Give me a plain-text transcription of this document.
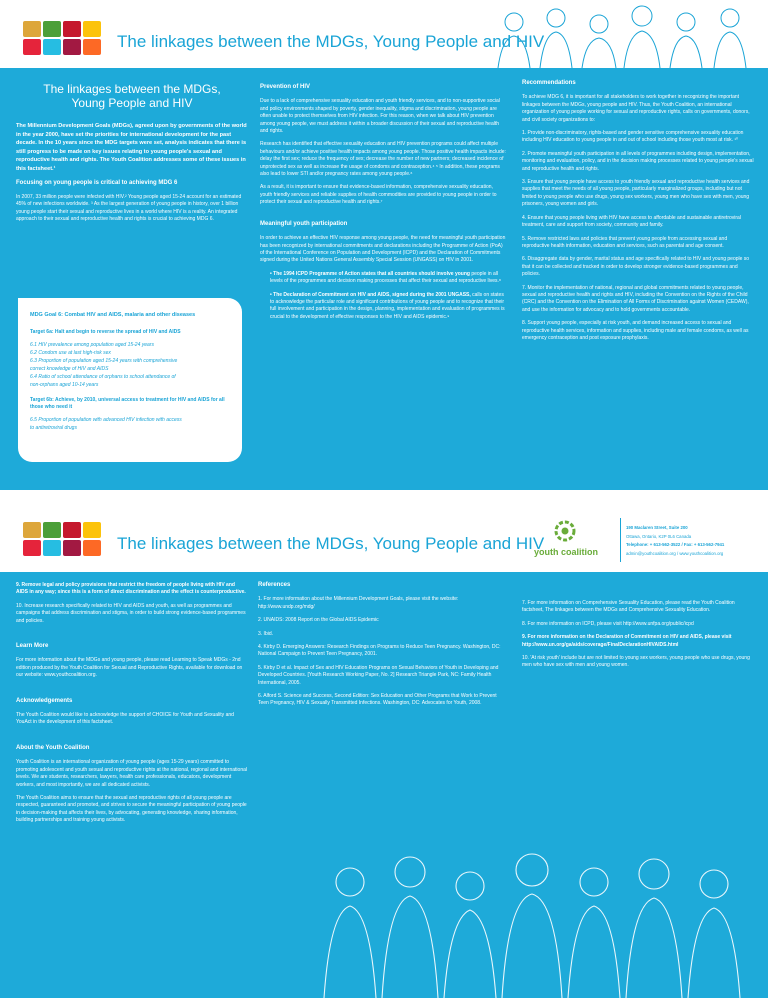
The linkages between the MDGs, Young People and HIV
The linkages between the MDGs,
Young People and HIV

The Millennium Development Goals (MDGs), agreed upon by governments of the world in the year 2000, have set the priorities for international development for the past decade. In the 10 years since the MDG targets were set, analysis indicates that there is still progress to be made on key issues relating to young people's sexual and reproductive health and rights. The Youth Coalition addresses some of these issues in this factsheet.¹

Focusing on young people is critical to achieving MDG 6

In 2007, 33 million people were infected with HIV.² Young people aged 15-24 account for an estimated 45% of new infections worldwide. ³ As the largest generation of young people in history, over 1 billion young people start their sexual and reproductive lives in a world where HIV is a reality. An integrated approach to their sexual and reproductive health and rights is crucial to achieving MDG 6.

MDG Goal 6: Combat HIV and AIDS, malaria and other diseases
Target 6a: Halt and begin to reverse the spread of HIV and AIDS
6.1 HIV prevalence among population aged 15-24 years
6.2 Condom use at last high-risk sex
6.3 Proportion of population aged 15-24 years with comprehensive
correct knowledge of HIV and AIDS
6.4 Ratio of school attendance of orphans to school attendance of
non-orphans aged 10-14 years
Target 6b: Achieve, by 2010, universal access to treatment for HIV and AIDS for all those who need it
6.5 Proportion of population with advanced HIV infection with access
to antiretroviral drugs
Prevention of HIV

Due to a lack of comprehensive sexuality education and youth friendly services, and to non-supportive social and policy environments shaped by poverty, gender inequality, stigma and discrimination, young people are often unable to protect themselves from HIV infection. For this reason, when we talk about HIV prevention among young people, we must address it within a broader discussion of their sexual and reproductive health and rights.

Research has identified that effective sexuality education and HIV prevention programs could affect multiple behaviours and/or achieve positive health impacts among young people. Those positive health impacts include: delay the first sex; reduce the frequency of sex; decrease the number of new partners; decreased incidence of unprotected sex as well as increase the usage of condoms and contraception.⁴ ⁵ In addition, these programs also lead to lower STI and/or pregnancy rates among young people.⁶

As a result, it is important to ensure that evidence-based information, comprehensive sexuality education, youth friendly services and reliable supplies of health commodities are provided to young people in order to protect their sexual and reproductive health and rights.⁷

Meaningful youth participation

In order to achieve an effective HIV response among young people, the need for meaningful youth participation has been recognized by international commitments and declarations including the Programme of Action (PoA) of the International Conference on Population and Development (ICPD) and the Declaration of Commitments signed during the United Nations General Assembly Special Session (UNGASS) on HIV in 2001.

• The 1994 ICPD Programme of Action states that all countries should involve young people in all levels of the programmes and decision making processes that affect their sexual and reproductive lives.⁸

• The Declaration of Commitment on HIV and AIDS, signed during the 2001 UNGASS, calls on states to acknowledge the particular role and significant contributions of young people and to recognize that their full involvement and participation in the design, planning, implementation and evaluation of programmes is crucial to the development of effective responses to the HIV and AIDS epidemic.⁹

Recommendations

To achieve MDG 6, it is important for all stakeholders to work together in recognizing the important linkages between the MDGs, young people and HIV. Thus, the Youth Coalition, an international organization of young people working for sexual and reproductive rights, calls on governments, donors, and civil society organizations to:

1. Provide non-discriminatory, rights-based and gender sensitive comprehensive sexuality education including HIV education to young people in and out of school including those youth most at risk. ¹⁰

2. Promote meaningful youth participation in all levels of programmes including design, implementation, monitoring and evaluation, policy, and in the decision making processes related to young people's sexual and reproductive health and rights.

3. Ensure that young people have access to youth friendly sexual and reproductive health services and supplies that meet the needs of all young people, particularly marginalized groups, including but not limited to young people who use drugs, young sex workers, young men who have sex with men, young prisoners, young women and girls.

4. Ensure that young people living with HIV have access to affordable and sustainable antiretroviral treatment, care and support from society, community and family.

5. Remove restricted laws and policies that prevent young people from accessing sexual and reproductive health information, education and services, such as parental and age consent.

6. Disaggregate data by gender, marital status and age specifically related to HIV and young people so that it can be collected and tracked in order to develop stronger evidence-based programmes and policies.

7. Monitor the implementation of national, regional and global commitments related to young people, sexual and reproductive health and rights and HIV, including the Convention on the Rights of the Child (CRC) and the Convention on the Elimination of All Forms of Discrimination against Women (CEDAW), and use the information for advocacy and to hold governments accountable.

8. Support young people, especially at risk youth, and demand increased access to sexual and reproductive health services, information and supplies, including male and female condoms, as well as emergency contraception and post exposure prophylaxis.

The linkages between the MDGs, Young People and HIV
youth coalition
190 Maclaren Street, Suite 200
Ottawa, Ontario, K2P 0L6 Canada
Telephone: + 613-562-3522 / Fax: + 613-562-7941
admin@youthcoalition.org / www.youthcoalition.org

9. Remove legal and policy provisions that restrict the freedom of people living with HIV and AIDS in any way; since this is a form of direct discrimination and the effect is counterproductive.

10. Increase research specifically related to HIV and AIDS and youth, as well as programmes and campaigns that address discrimination and stigma, in order to build strong evidence-based programmes and policies.

Learn More

For more information about the MDGs and young people, please read Learning to Speak MDGs - 2nd edition produced by the Youth Coalition for Sexual and Reproductive Rights, available for download on our website: www.youthcoalition.org.

Acknowledgements

The Youth Coalition would like to acknowledge the support of CHOICE for Youth and Sexuality and YouAct in the development of this factsheet.

About the Youth Coalition

Youth Coalition is an international organization of young people (ages 15-29 years) committed to promoting adolescent and youth sexual and reproductive rights at the national, regional and international levels. We are students, researchers, lawyers, health care professionals, educators, development workers, and most importantly, we are all dedicated activists.

The Youth Coalition aims to ensure that the sexual and reproductive rights of all young people are respected, guaranteed and promoted, and strives to secure the meaningful participation of young people in decision-making that affects their lives, by advocating, generating knowledge, sharing information, building partnerships and training young activists.

References

1. For more information about the Millennium Development Goals, please visit the website: http://www.undp.org/mdg/

2. UNAIDS: 2008 Report on the Global AIDS Epidemic

3. Ibid.

4. Kirby D. Emerging Answers: Research Findings on Programs to Reduce Teen Pregnancy. Washington, DC: National Campaign to Prevent Teen Pregnancy, 2001.

5. Kirby D et al. Impact of Sex and HIV Education Programs on Sexual Behaviors of Youth in Developing and Developed Countries. [Youth Research Working Paper, No. 2] Research Triangle Park, NC: Family Health International, 2005.

6. Alford S. Science and Success, Second Edition: Sex Education and Other Programs that Work to Prevent Teen Pregnancy, HIV & Sexually Transmitted Infections. Washington, DC: Advocates for Youth, 2008.

7. For more information on Comprehensive Sexuality Education, please read the Youth Coalition factsheet, The linkages between the MDGs and Comprehensive Sexuality Education.

8. For more information on ICPD, please visit http://www.unfpa.org/public/icpd

9. For more information on the Declaration of Commitment on HIV and AIDS, please visit http://www.un.org/ga/aids/coverage/FinalDeclarationHIVAIDS.html

10. 'At risk youth' include but are not limited to young sex workers, young people who use drugs, young men who have sex with men and young women.
